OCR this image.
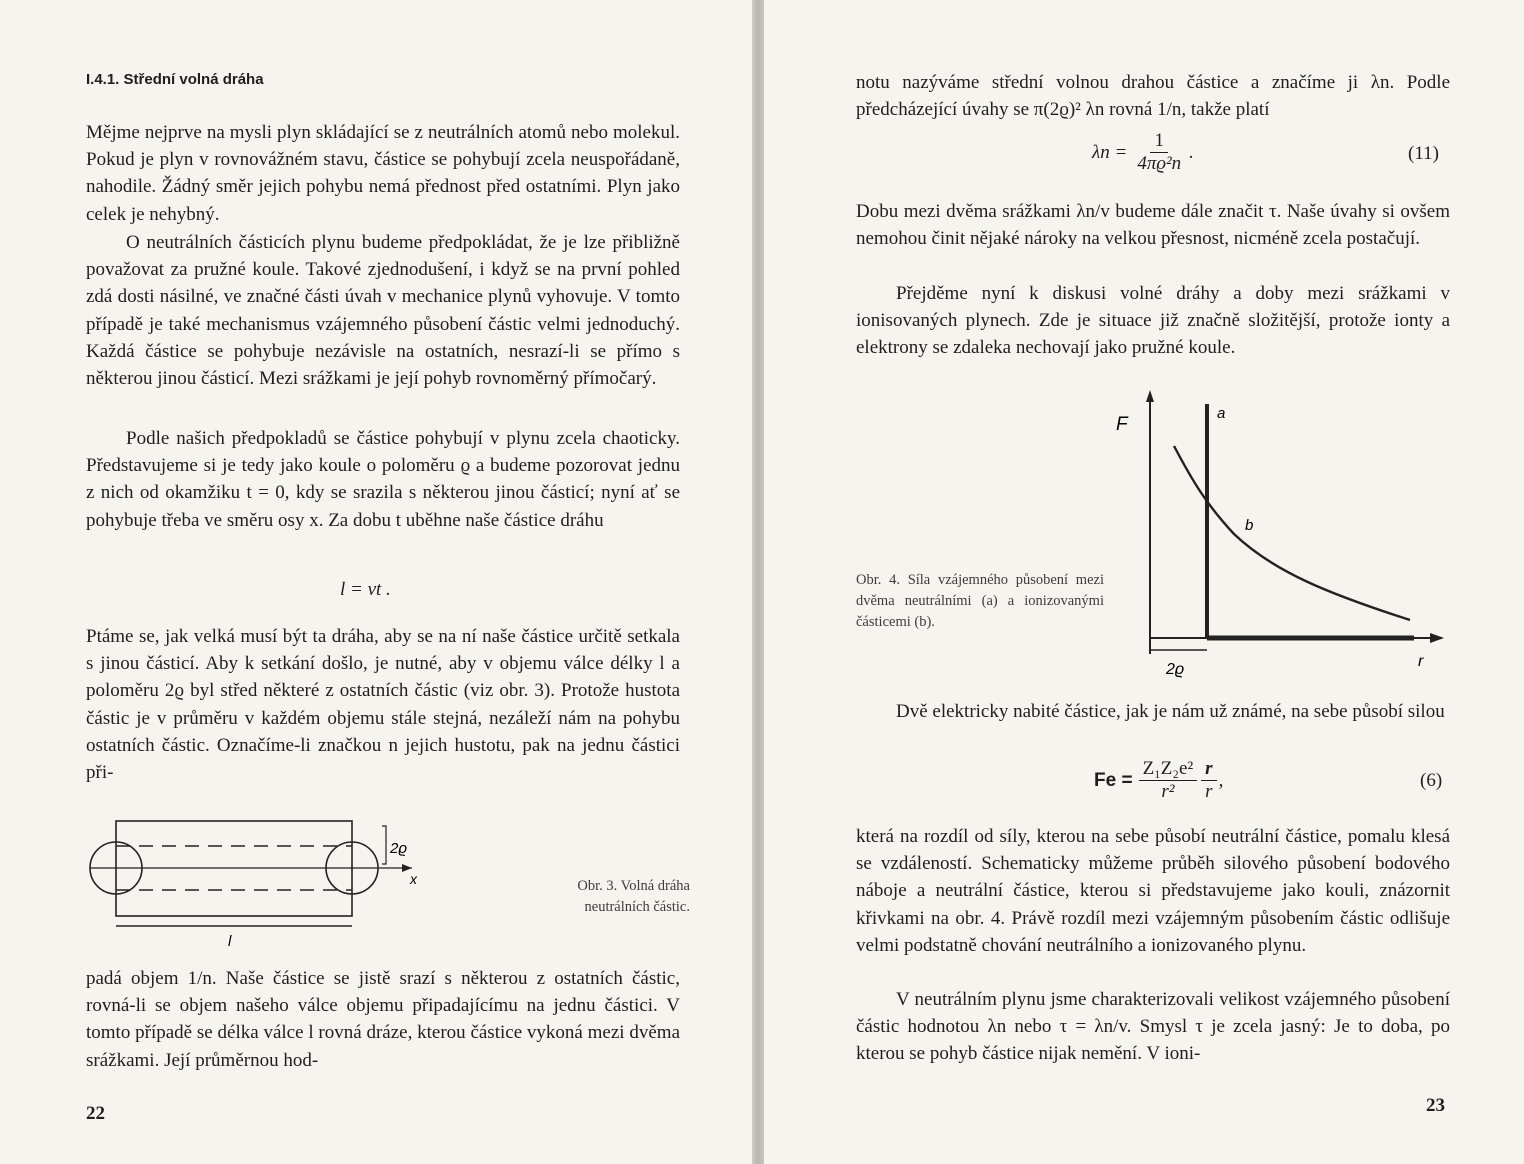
I.4.1. Střední volná dráha

Mějme nejprve na mysli plyn skládající se z neutrálních atomů nebo molekul. Pokud je plyn v rovnovážném stavu, částice se pohybují zcela neuspořádaně, nahodile. Žádný směr jejich pohybu nemá přednost před ostatními. Plyn jako celek je nehybný.

O neutrálních částicích plynu budeme předpokládat, že je lze přibližně považovat za pružné koule. Takové zjednodušení, i když se na první pohled zdá dosti násilné, ve značné části úvah v mechanice plynů vyhovuje. V tomto případě je také mechanismus vzájemného působení částic velmi jednoduchý. Každá částice se pohybuje nezávisle na ostatních, nesrazí-li se přímo s některou jinou částicí. Mezi srážkami je její pohyb rovnoměrný přímočarý.

Podle našich předpokladů se částice pohybují v plynu zcela chaoticky. Představujeme si je tedy jako koule o poloměru ϱ a budeme pozorovat jednu z nich od okamžiku t = 0, kdy se srazila s některou jinou částicí; nyní ať se pohybuje třeba ve směru osy x. Za dobu t uběhne naše částice dráhu

l = vt .

Ptáme se, jak velká musí být ta dráha, aby se na ní naše částice určitě setkala s jinou částicí. Aby k setkání došlo, je nutné, aby v objemu válce délky l a poloměru 2ϱ byl střed některé z ostatních částic (viz obr. 3). Protože hustota částic je v průměru v každém objemu stále stejná, nezáleží nám na pohybu ostatních částic. Označíme-li značkou n jejich hustotu, pak na jednu částici při-

2ϱ
x
l

Obr. 3. Volná dráha neutrálních částic.

padá objem 1/n. Naše částice se jistě srazí s některou z ostatních částic, rovná-li se objem našeho válce objemu připadajícímu na jednu částici. V tomto případě se délka válce l rovná dráze, kterou částice vykoná mezi dvěma srážkami. Její průměrnou hod-

22

notu nazýváme střední volnou drahou částice a značíme ji λn. Podle předcházející úvahy se π(2ϱ)² λn rovná 1/n, takže platí

$\lambda n = \frac{1}{\text{4πϱ²n}}$ .	(11)

Dobu mezi dvěma srážkami λn/v budeme dále značit τ. Naše úvahy si ovšem nemohou činit nějaké nároky na velkou přesnost, nicméně zcela postačují.

Přejděme nyní k diskusi volné dráhy a doby mezi srážkami v ionisovaných plynech. Zde je situace již značně složitější, protože ionty a elektrony se zdaleka nechovají jako pružné koule.

F
a
b
r
2ϱ

Obr. 4. Síla vzájemného působení mezi dvěma neutrálními (a) a ionizovanými částicemi (b).

Dvě elektricky nabité částice, jak je nám už známé, na sebe působí silou

$Fe = \frac{\text{Z₁Z₂e²}}{\text{r²}} \frac{r}{r}$ ,	(6)

která na rozdíl od síly, kterou na sebe působí neutrální částice, pomalu klesá se vzdáleností. Schematicky můžeme průběh silového působení bodového náboje a neutrální částice, kterou si představujeme jako kouli, znázornit křivkami na obr. 4. Právě rozdíl mezi vzájemným působením částic odlišuje velmi podstatně chování neutrálního a ionizovaného plynu.

V neutrálním plynu jsme charakterizovali velikost vzájemného působení částic hodnotou λn nebo τ = λn/v. Smysl τ je zcela jasný: Je to doba, po kterou se pohyb částice nijak nemění. V ioni-

23
